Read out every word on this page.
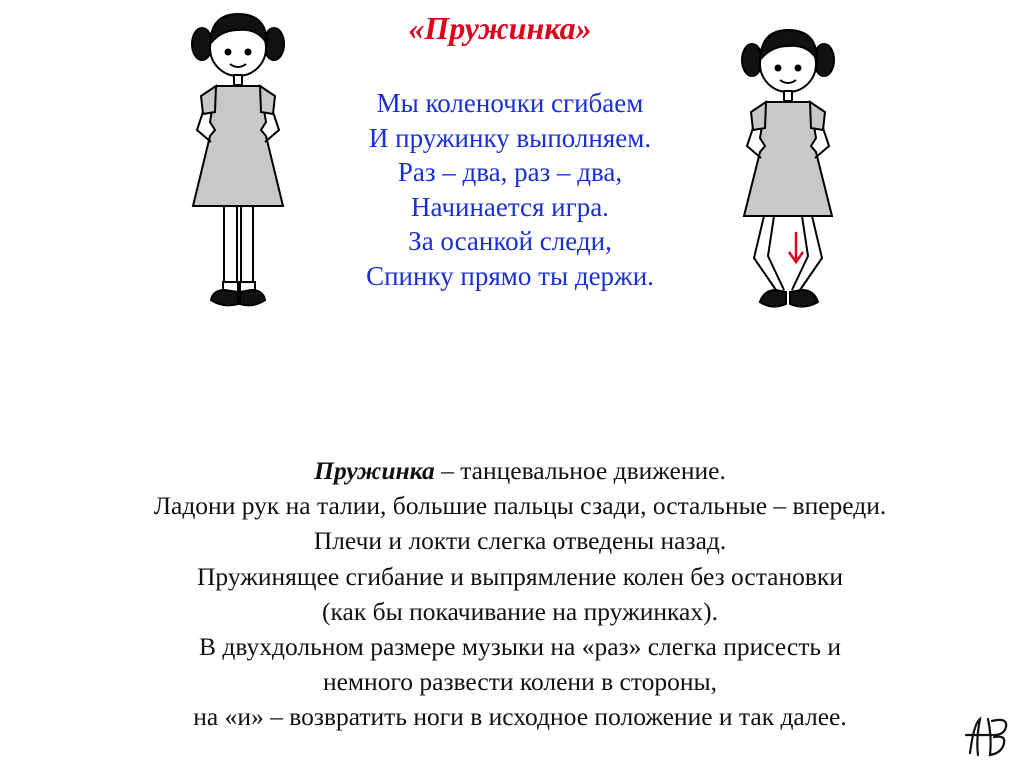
«Пружинка»
Мы коленочки сгибаем
И пружинку выполняем.
Раз – два, раз – два,
Начинается игра.
За осанкой следи,
Спинку прямо ты держи.
Пружинка – танцевальное движение.
Ладони рук на талии, большие пальцы сзади, остальные – впереди.
Плечи и локти слегка отведены назад.
Пружинящее сгибание и выпрямление колен без остановки
(как бы покачивание на пружинках).
В двухдольном размере музыки на «раз» слегка присесть и
немного развести колени в стороны,
на «и» – возвратить ноги в исходное положение и так далее.
